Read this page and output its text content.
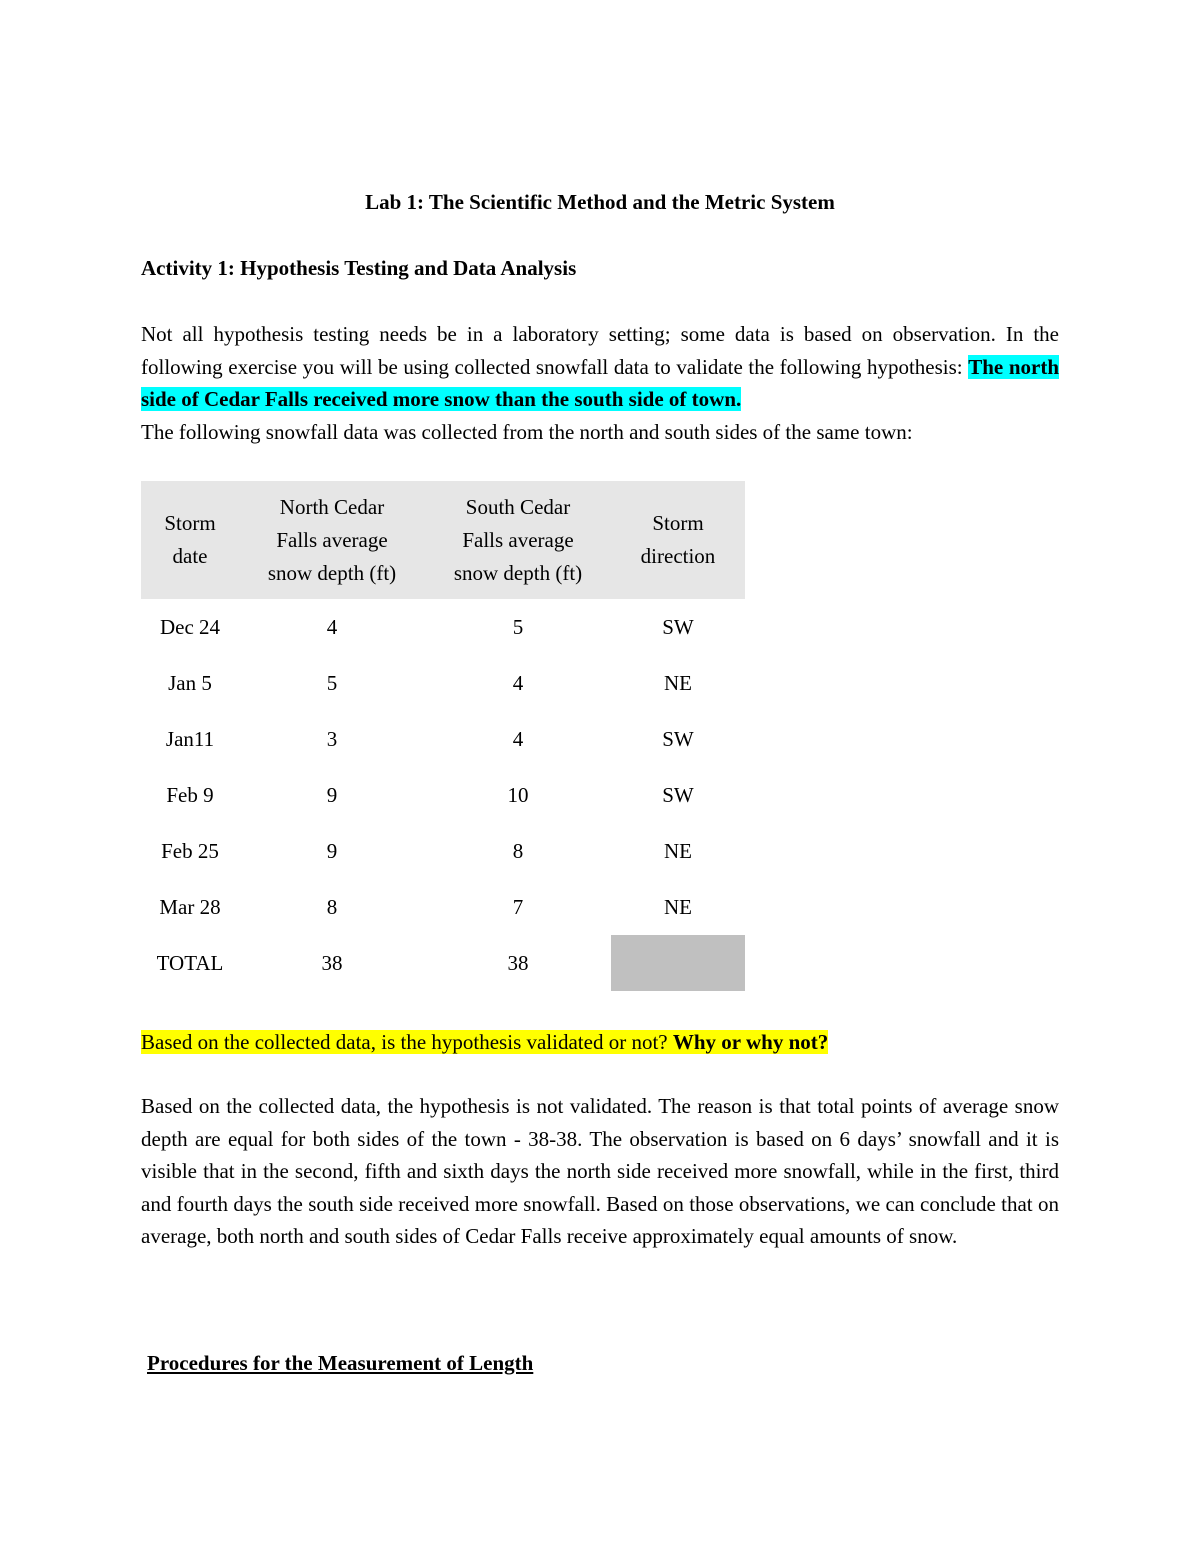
Lab 1: The Scientific Method and the Metric System

Activity 1: Hypothesis Testing and Data Analysis

Not all hypothesis testing needs be in a laboratory setting; some data is based on observation. In the following exercise you will be using collected snowfall data to validate the following hypothesis: The north side of Cedar Falls received more snow than the south side of town.
The following snowfall data was collected from the north and south sides of the same town:

Storm
date	North Cedar
Falls average
snow depth (ft)	South Cedar
Falls average
snow depth (ft)	Storm
direction
Dec 24	4	5	SW
Jan 5	5	4	NE
Jan11	3	4	SW
Feb 9	9	10	SW
Feb 25	9	8	NE
Mar 28	8	7	NE
TOTAL	38	38	

Based on the collected data, is the hypothesis validated or not? Why or why not?

Based on the collected data, the hypothesis is not validated. The reason is that total points of average snow depth are equal for both sides of the town - 38-38. The observation is based on 6 days’ snowfall and it is visible that in the second, fifth and sixth days the north side received more snowfall, while in the first, third and fourth days the south side received more snowfall. Based on those observations, we can conclude that on average, both north and south sides of Cedar Falls receive approximately equal amounts of snow.

Procedures for the Measurement of Length
